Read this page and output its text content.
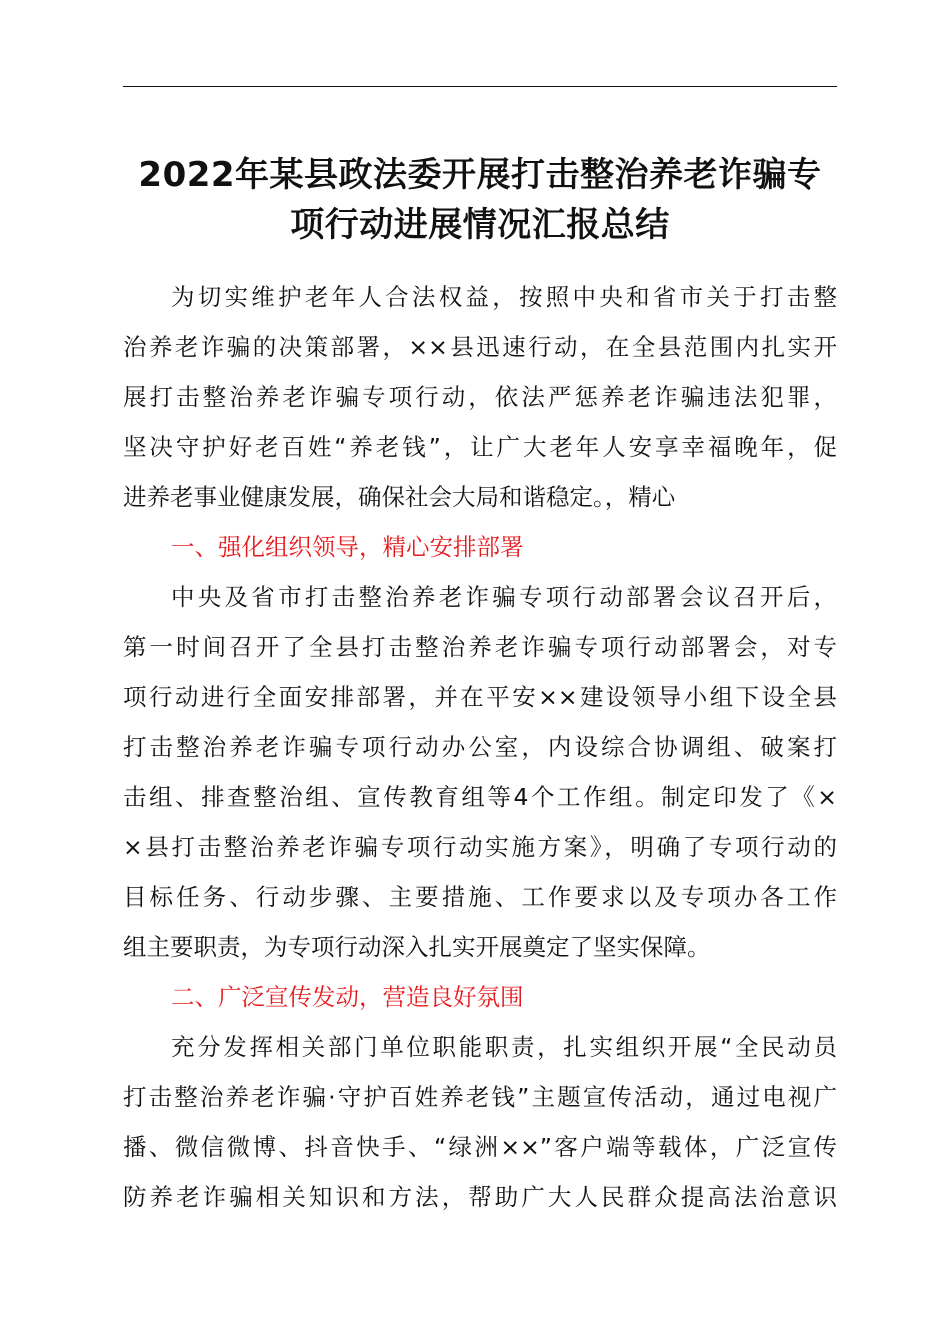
2022年某县政法委开展打击整治养老诈骗专
项行动进展情况汇报总结
为切实维护老年人合法权益，按照中央和省市关于打击整
治养老诈骗的决策部署，××县迅速行动，在全县范围内扎实开
展打击整治养老诈骗专项行动，依法严惩养老诈骗违法犯罪，
坚决守护好老百姓“养老钱”，让广大老年人安享幸福晚年，促
进养老事业健康发展，确保社会大局和谐稳定。，精心
一、强化组织领导，精心安排部署
中央及省市打击整治养老诈骗专项行动部署会议召开后，
第一时间召开了全县打击整治养老诈骗专项行动部署会，对专
项行动进行全面安排部署，并在平安××建设领导小组下设全县
打击整治养老诈骗专项行动办公室，内设综合协调组、破案打
击组、排查整治组、宣传教育组等4个工作组。制定印发了《×
×县打击整治养老诈骗专项行动实施方案》，明确了专项行动的
目标任务、行动步骤、主要措施、工作要求以及专项办各工作
组主要职责，为专项行动深入扎实开展奠定了坚实保障。
二、广泛宣传发动，营造良好氛围
充分发挥相关部门单位职能职责，扎实组织开展“全民动员
打击整治养老诈骗·守护百姓养老钱”主题宣传活动，通过电视广
播、微信微博、抖音快手、“绿洲××”客户端等载体，广泛宣传
防养老诈骗相关知识和方法，帮助广大人民群众提高法治意识
